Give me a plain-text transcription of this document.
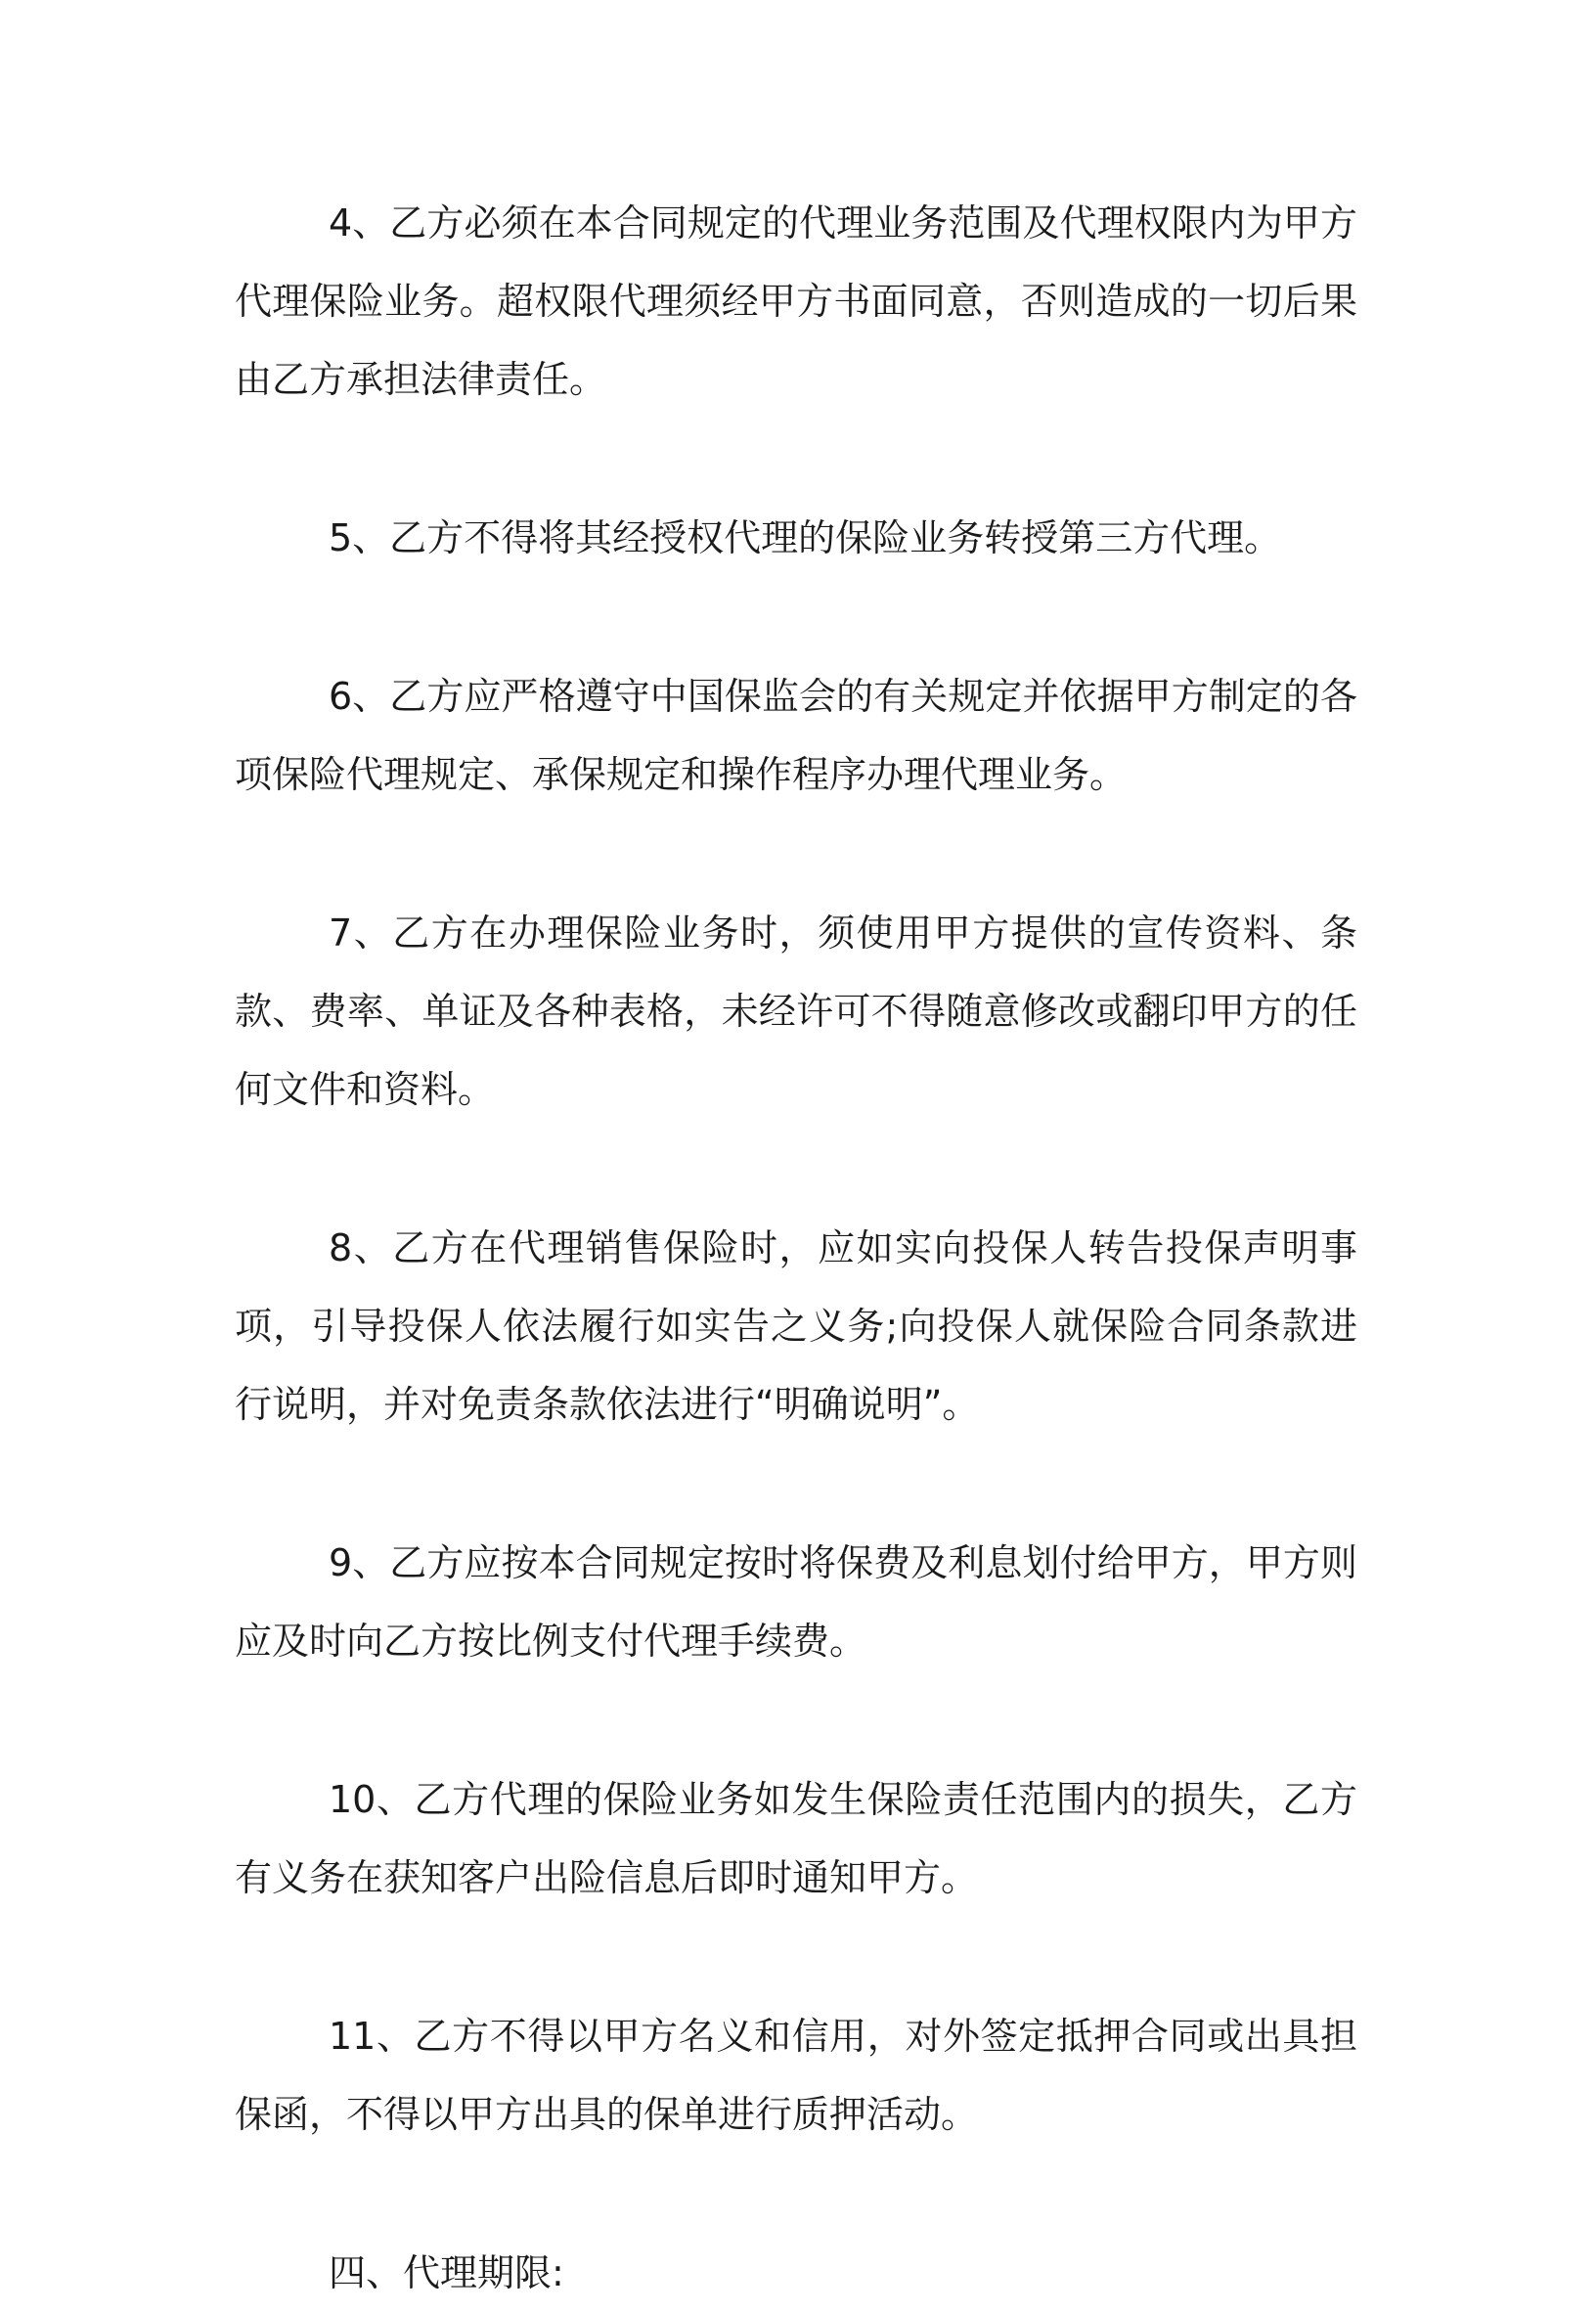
4、乙方必须在本合同规定的代理业务范围及代理权限内为甲方代理保险业务。超权限代理须经甲方书面同意，否则造成的一切后果由乙方承担法律责任。

5、乙方不得将其经授权代理的保险业务转授第三方代理。

6、乙方应严格遵守中国保监会的有关规定并依据甲方制定的各项保险代理规定、承保规定和操作程序办理代理业务。

7、乙方在办理保险业务时，须使用甲方提供的宣传资料、条款、费率、单证及各种表格，未经许可不得随意修改或翻印甲方的任何文件和资料。

8、乙方在代理销售保险时，应如实向投保人转告投保声明事项，引导投保人依法履行如实告之义务;向投保人就保险合同条款进行说明，并对免责条款依法进行“明确说明”。

9、乙方应按本合同规定按时将保费及利息划付给甲方，甲方则应及时向乙方按比例支付代理手续费。

10、乙方代理的保险业务如发生保险责任范围内的损失，乙方有义务在获知客户出险信息后即时通知甲方。

11、乙方不得以甲方名义和信用，对外签定抵押合同或出具担保函，不得以甲方出具的保单进行质押活动。

四、代理期限:
